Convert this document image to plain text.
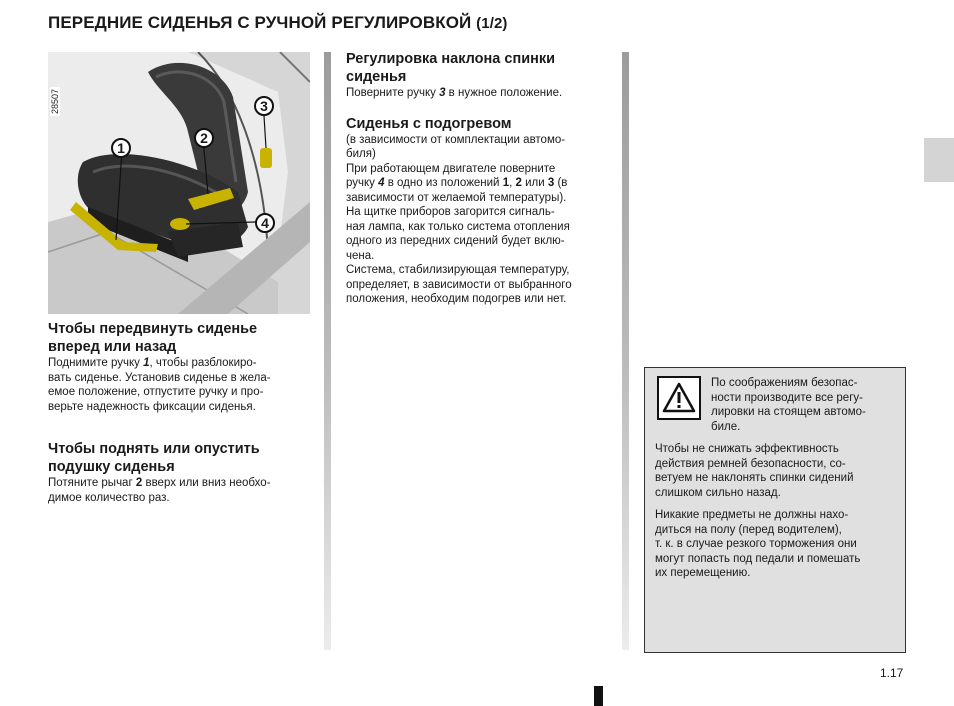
ПЕРЕДНИЕ СИДЕНЬЯ С РУЧНОЙ РЕГУЛИРОВКОЙ (1/2)
28507
1
2
3
4
Чтобы передвинуть сиденье
вперед или назад

Поднимите ручку 1, чтобы разблокиро-
вать сиденье. Установив сиденье в жела-
емое положение, отпустите ручку и про-
верьте надежность фиксации сиденья.

Чтобы поднять или опустить
подушку сиденья

Потяните рычаг 2 вверх или вниз необхо-
димое количество раз.

Регулировка наклона спинки
сиденья

Поверните ручку 3 в нужное положение.

Сиденья с подогревом

(в зависимости от комплектации автомо-
биля)
При работающем двигателе поверните
ручку 4 в одно из положений 1, 2 или 3 (в
зависимости от желаемой температуры).
На щитке приборов загорится сигналь-
ная лампа, как только система отопления
одного из передних сидений будет вклю-
чена.
Система, стабилизирующая температуру,
определяет, в зависимости от выбранного
положения, необходим подогрев или нет.

По соображениям безопас-
ности производите все регу-
лировки на стоящем автомо-
биле.

Чтобы не снижать эффективность
действия ремней безопасности, со-
ветуем не наклонять спинки сидений
слишком сильно назад.

Никакие предметы не должны нахо-
диться на полу (перед водителем),
т. к. в случае резкого торможения они
могут попасть под педали и помешать
их перемещению.

1.17
